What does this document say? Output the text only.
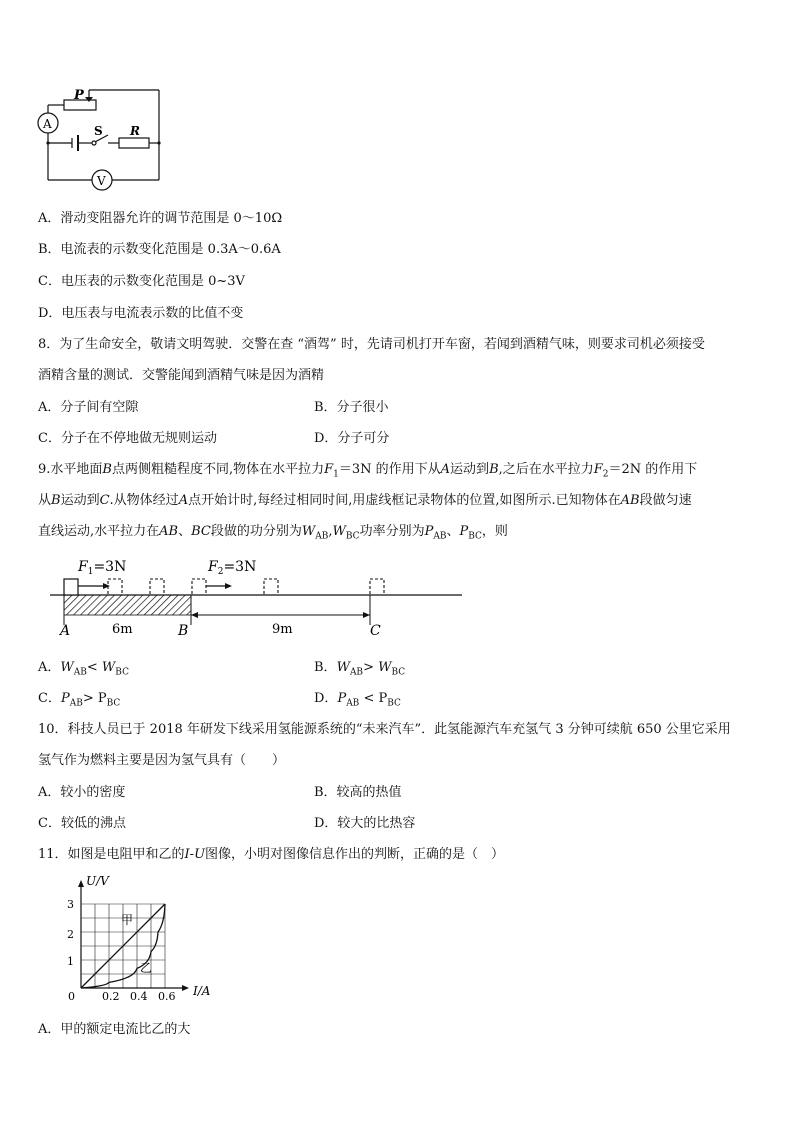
P
A	S R
V
A．滑动变阻器允许的调节范围是 0～10Ω
B．电流表的示数变化范围是 0.3A～0.6A
C．电压表的示数变化范围是 0~3V
D．电压表与电流表示数的比值不变
8．为了生命安全，敬请文明驾驶．交警在查 “酒驾” 时，先请司机打开车窗，若闻到酒精气味，则要求司机必须接受
酒精含量的测试．交警能闻到酒精气味是因为酒精
A．分子间有空隙	B．分子很小
C．分子在不停地做无规则运动	D．分子可分
9.水平地面B点两侧粗糙程度不同,物体在水平拉力$F_1=3N$ 的作用下从A运动到B,之后在水平拉力$F_2=2N$ 的作用下
从B运动到C.从物体经过A点开始计时,每经过相同时间,用虚线框记录物体的位置,如图所示.已知物体在AB段做匀速
直线运动,水平拉力在AB、BC段做的功分别为$W_{AB},W_{BC}$功率分别为$P_{AB}$、$P_{BC}$，则
$F_1=3N$	$F_2=3N$
6m	9m
A	B	C
A．$W_{AB}< W_{BC}$	B．$W_{AB}> W_{BC}$
C．$P_{AB}> P_{BC}$	D．$P_{AB} < P_{BC}$
10．科技人员已于 2018 年研发下线采用氢能源系统的“未来汽车”．此氢能源汽车充氢气 3 分钟可续航 650 公里它采用
氢气作为燃料主要是因为氢气具有（　　）
A．较小的密度	B．较高的热值
C．较低的沸点	D．较大的比热容
11．如图是电阻甲和乙的I-U图像，小明对图像信息作出的判断，正确的是（　）
U/V
I/A
0
1
2
3
0.2 0.4 0.6
甲
乙
A．甲的额定电流比乙的大
